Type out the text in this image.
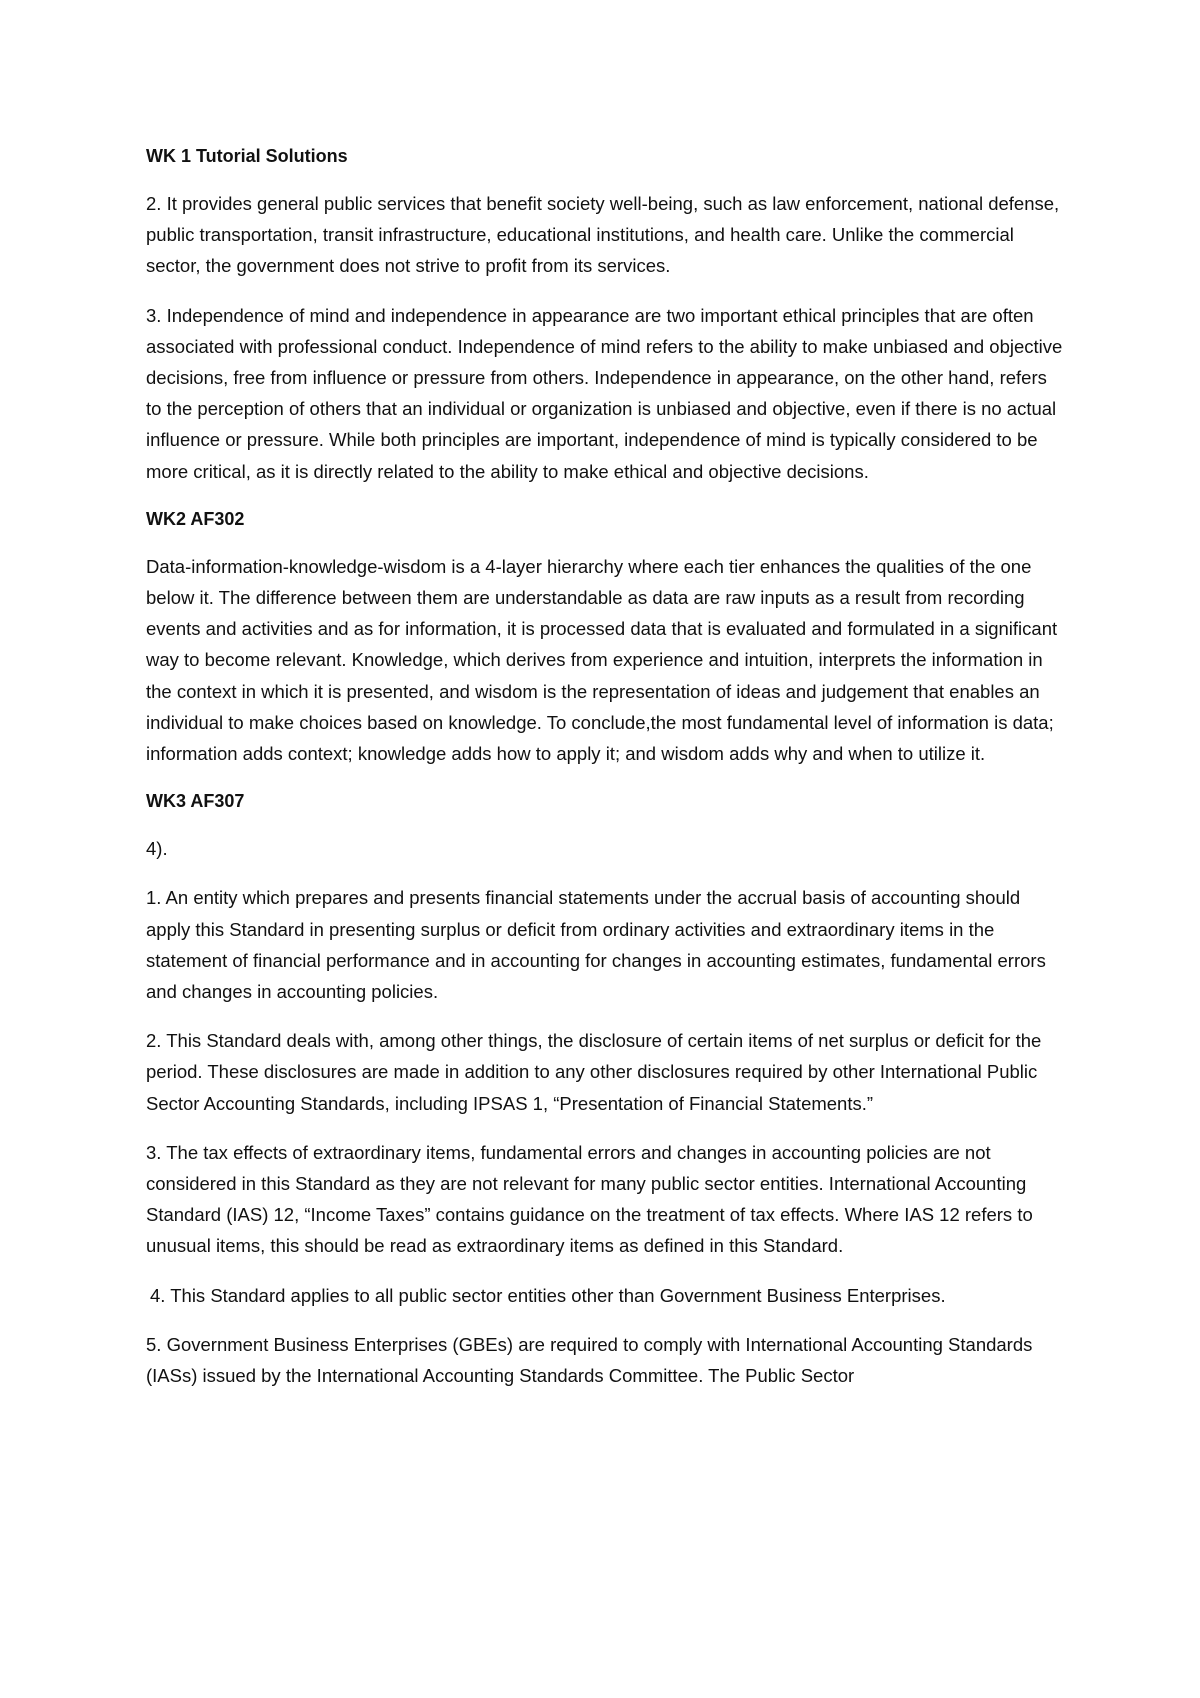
WK 1 Tutorial Solutions

2. It provides general public services that benefit society well-being, such as law enforcement, national defense, public transportation, transit infrastructure, educational institutions, and health care. Unlike the commercial sector, the government does not strive to profit from its services.

3. Independence of mind and independence in appearance are two important ethical principles that are often associated with professional conduct. Independence of mind refers to the ability to make unbiased and objective decisions, free from influence or pressure from others. Independence in appearance, on the other hand, refers to the perception of others that an individual or organization is unbiased and objective, even if there is no actual influence or pressure. While both principles are important, independence of mind is typically considered to be more critical, as it is directly related to the ability to make ethical and objective decisions.

WK2 AF302

Data-information-knowledge-wisdom is a 4-layer hierarchy where each tier enhances the qualities of the one below it. The difference between them are understandable as data are raw inputs as a result from recording events and activities and as for information, it is processed data that is evaluated and formulated in a significant way to become relevant. Knowledge, which derives from experience and intuition, interprets the information in the context in which it is presented, and wisdom is the representation of ideas and judgement that enables an individual to make choices based on knowledge. To conclude,the most fundamental level of information is data; information adds context; knowledge adds how to apply it; and wisdom adds why and when to utilize it.

WK3 AF307

4).

1. An entity which prepares and presents financial statements under the accrual basis of accounting should apply this Standard in presenting surplus or deficit from ordinary activities and extraordinary items in the statement of financial performance and in accounting for changes in accounting estimates, fundamental errors and changes in accounting policies.

2. This Standard deals with, among other things, the disclosure of certain items of net surplus or deficit for the period. These disclosures are made in addition to any other disclosures required by other International Public Sector Accounting Standards, including IPSAS 1, “Presentation of Financial Statements.”

3. The tax effects of extraordinary items, fundamental errors and changes in accounting policies are not considered in this Standard as they are not relevant for many public sector entities. International Accounting Standard (IAS) 12, “Income Taxes” contains guidance on the treatment of tax effects. Where IAS 12 refers to unusual items, this should be read as extraordinary items as defined in this Standard.

4. This Standard applies to all public sector entities other than Government Business Enterprises.

5. Government Business Enterprises (GBEs) are required to comply with International Accounting Standards (IASs) issued by the International Accounting Standards Committee. The Public Sector
